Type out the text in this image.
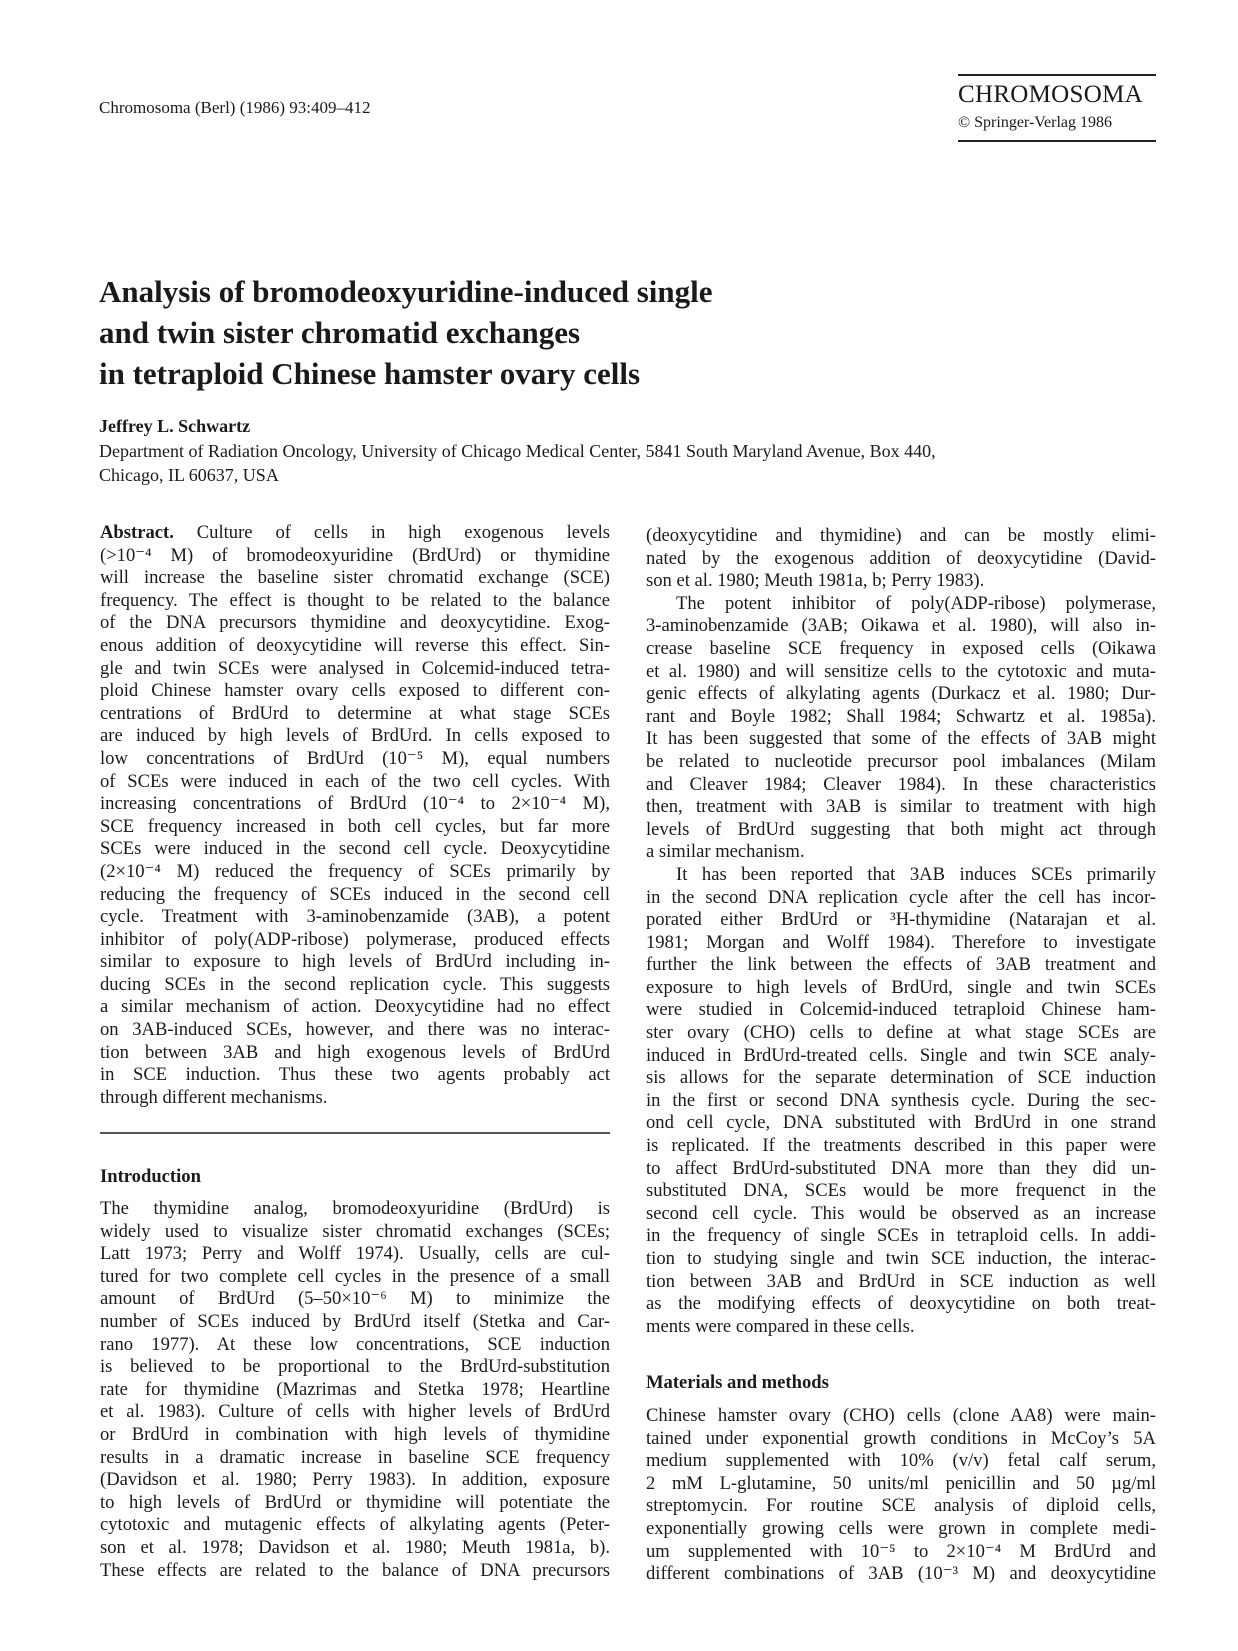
Chromosoma (Berl) (1986) 93:409–412	CHROMOSOMA
© Springer-Verlag 1986
Analysis of bromodeoxyuridine-induced single
and twin sister chromatid exchanges
in tetraploid Chinese hamster ovary cells
Jeffrey L. Schwartz
Department of Radiation Oncology, University of Chicago Medical Center, 5841 South Maryland Avenue, Box 440,
Chicago, IL 60637, USA
Abstract. Culture of cells in high exogenous levels
(>10⁻⁴ M) of bromodeoxyuridine (BrdUrd) or thymidine
will increase the baseline sister chromatid exchange (SCE)
frequency. The effect is thought to be related to the balance
of the DNA precursors thymidine and deoxycytidine. Exog-
enous addition of deoxycytidine will reverse this effect. Sin-
gle and twin SCEs were analysed in Colcemid-induced tetra-
ploid Chinese hamster ovary cells exposed to different con-
centrations of BrdUrd to determine at what stage SCEs
are induced by high levels of BrdUrd. In cells exposed to
low concentrations of BrdUrd (10⁻⁵ M), equal numbers
of SCEs were induced in each of the two cell cycles. With
increasing concentrations of BrdUrd (10⁻⁴ to 2×10⁻⁴ M),
SCE frequency increased in both cell cycles, but far more
SCEs were induced in the second cell cycle. Deoxycytidine
(2×10⁻⁴ M) reduced the frequency of SCEs primarily by
reducing the frequency of SCEs induced in the second cell
cycle. Treatment with 3-aminobenzamide (3AB), a potent
inhibitor of poly(ADP-ribose) polymerase, produced effects
similar to exposure to high levels of BrdUrd including in-
ducing SCEs in the second replication cycle. This suggests
a similar mechanism of action. Deoxycytidine had no effect
on 3AB-induced SCEs, however, and there was no interac-
tion between 3AB and high exogenous levels of BrdUrd
in SCE induction. Thus these two agents probably act
through different mechanisms.
Introduction
The thymidine analog, bromodeoxyuridine (BrdUrd) is
widely used to visualize sister chromatid exchanges (SCEs;
Latt 1973; Perry and Wolff 1974). Usually, cells are cul-
tured for two complete cell cycles in the presence of a small
amount of BrdUrd (5–50×10⁻⁶ M) to minimize the
number of SCEs induced by BrdUrd itself (Stetka and Car-
rano 1977). At these low concentrations, SCE induction
is believed to be proportional to the BrdUrd-substitution
rate for thymidine (Mazrimas and Stetka 1978; Heartline
et al. 1983). Culture of cells with higher levels of BrdUrd
or BrdUrd in combination with high levels of thymidine
results in a dramatic increase in baseline SCE frequency
(Davidson et al. 1980; Perry 1983). In addition, exposure
to high levels of BrdUrd or thymidine will potentiate the
cytotoxic and mutagenic effects of alkylating agents (Peter-
son et al. 1978; Davidson et al. 1980; Meuth 1981a, b).
These effects are related to the balance of DNA precursors
(deoxycytidine and thymidine) and can be mostly elimi-
nated by the exogenous addition of deoxycytidine (David-
son et al. 1980; Meuth 1981a, b; Perry 1983).
The potent inhibitor of poly(ADP-ribose) polymerase,
3-aminobenzamide (3AB; Oikawa et al. 1980), will also in-
crease baseline SCE frequency in exposed cells (Oikawa
et al. 1980) and will sensitize cells to the cytotoxic and muta-
genic effects of alkylating agents (Durkacz et al. 1980; Dur-
rant and Boyle 1982; Shall 1984; Schwartz et al. 1985a).
It has been suggested that some of the effects of 3AB might
be related to nucleotide precursor pool imbalances (Milam
and Cleaver 1984; Cleaver 1984). In these characteristics
then, treatment with 3AB is similar to treatment with high
levels of BrdUrd suggesting that both might act through
a similar mechanism.
It has been reported that 3AB induces SCEs primarily
in the second DNA replication cycle after the cell has incor-
porated either BrdUrd or ³H-thymidine (Natarajan et al.
1981; Morgan and Wolff 1984). Therefore to investigate
further the link between the effects of 3AB treatment and
exposure to high levels of BrdUrd, single and twin SCEs
were studied in Colcemid-induced tetraploid Chinese ham-
ster ovary (CHO) cells to define at what stage SCEs are
induced in BrdUrd-treated cells. Single and twin SCE analy-
sis allows for the separate determination of SCE induction
in the first or second DNA synthesis cycle. During the sec-
ond cell cycle, DNA substituted with BrdUrd in one strand
is replicated. If the treatments described in this paper were
to affect BrdUrd-substituted DNA more than they did un-
substituted DNA, SCEs would be more frequenct in the
second cell cycle. This would be observed as an increase
in the frequency of single SCEs in tetraploid cells. In addi-
tion to studying single and twin SCE induction, the interac-
tion between 3AB and BrdUrd in SCE induction as well
as the modifying effects of deoxycytidine on both treat-
ments were compared in these cells.
Materials and methods
Chinese hamster ovary (CHO) cells (clone AA8) were main-
tained under exponential growth conditions in McCoy’s 5A
medium supplemented with 10% (v/v) fetal calf serum,
2 mM L-glutamine, 50 units/ml penicillin and 50 µg/ml
streptomycin. For routine SCE analysis of diploid cells,
exponentially growing cells were grown in complete medi-
um supplemented with 10⁻⁵ to 2×10⁻⁴ M BrdUrd and
different combinations of 3AB (10⁻³ M) and deoxycytidine
